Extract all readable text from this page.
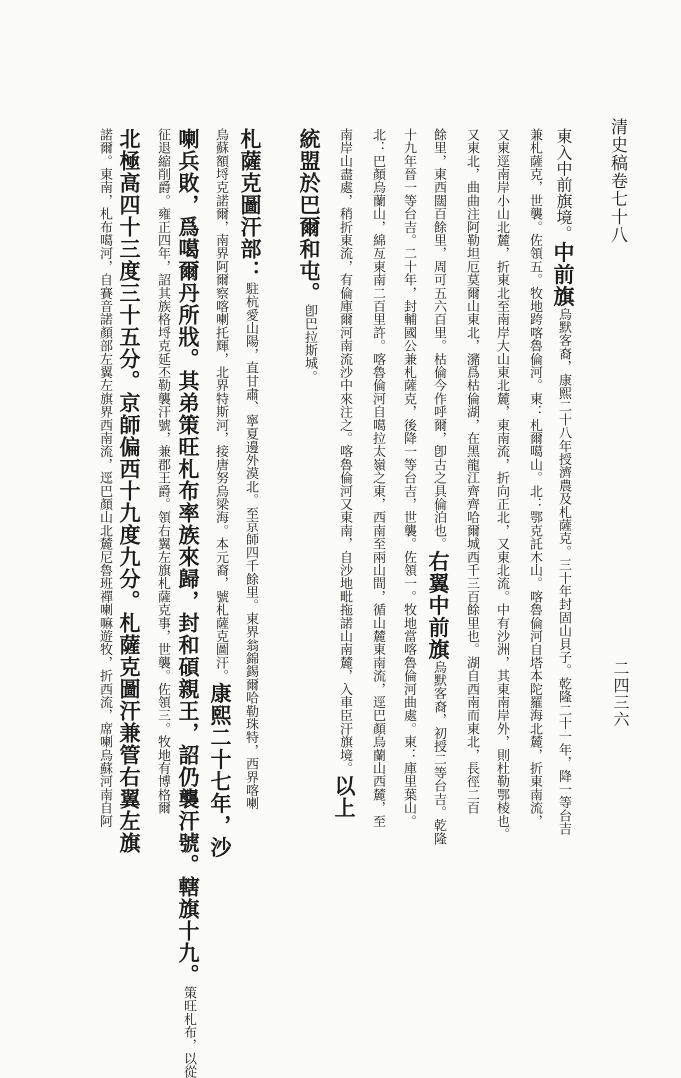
清史稿卷七十八
二四三六
東入中前旗境。中前旗烏默客裔，康熙二十八年授濟農及札薩克。三十年封固山貝子。乾隆二十一年，降一等台吉
兼札薩克，世襲。佐領五。牧地跨喀魯倫河。東：札爾噶山。北：鄂克託木山。喀魯倫河自塔本陀羅海北麓，折東南流，
又東逕南岸小山北麓，折東北至南岸大山東北麓，東南流，折向正北，又東北流。中有沙洲，其東南岸外，則杜勒鄂棱也。
又東北，曲曲注阿勒坦厄莫爾山東北，瀦爲枯倫湖，在黑龍江齊齊哈爾城西千三百餘里也。湖自西南而東北，長徑二百
餘里，東西闊百餘里，周可五六百里。枯倫今作呼爾，卽古之具倫泊也。右翼中前旗烏默客裔，初授二等台吉。乾隆
十九年晉一等台吉。二十年，封輔國公兼札薩克，後降一等台吉，世襲。佐領一。牧地當喀魯倫河曲處。東：庫里葉山。
北：巴顏烏蘭山，綿亙東南二百里許。喀魯倫河自噶拉太嶺之東，西南至兩山間，循山麓東南流，逕巴顏烏蘭山西麓，至
南岸山盡處，稍折東流，有倫庫爾河南流沙中來注之。喀魯倫河又東南，自沙地毗拖諾山南麓，入車臣汗旗境。以上
統盟於巴爾和屯。卽巴拉斯城。

札薩克圖汗部：駐杭愛山陽，直甘肅、寧夏邊外漠北。至京師四千餘里。東界翁錦錫爾哈勒珠特，西界喀喇
烏蘇額埒克諾爾，南界阿爾察喀喇托輝，北界特斯河，接唐努烏梁海。本元裔，號札薩克圖汗。康熙二十七年，沙
喇兵敗，爲噶爾丹所戕。其弟策旺札布率族來歸，封和碩親王，詔仍襲汗號。轄旗十九。策旺札布，以從
征退縮削爵。雍正四年，詔其族格埒克延丕勒襲汗號，兼郡王爵。領右翼左旗札薩克事，世襲。佐領三。牧地有博格爾
北極高四十三度三十五分。京師偏西十九度九分。札薩克圖汗兼管右翼左旗
諾爾。東南，札布噶河，自賽音諾顏部左翼左旗界西南流，逕巴顏山北麓尼魯班禪喇嘛遊牧，折西流，席喇烏蘇河南自阿
